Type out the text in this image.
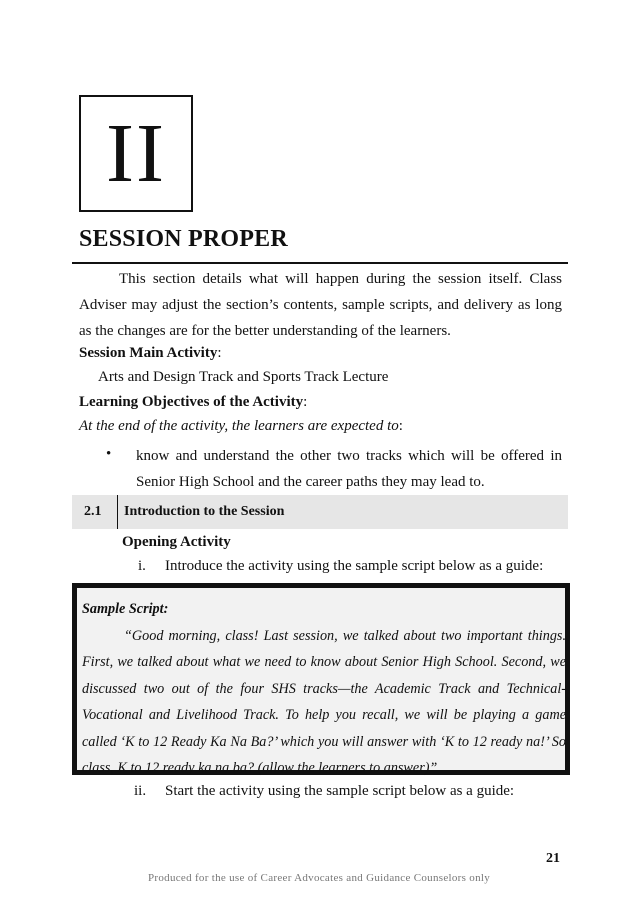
II
SESSION PROPER
This section details what will happen during the session itself. Class Adviser may adjust the section’s contents, sample scripts, and delivery as long as the changes are for the better understanding of the learners.
Session Main Activity:
Arts and Design Track and Sports Track Lecture
Learning Objectives of the Activity:
At the end of the activity, the learners are expected to:
• know and understand the other two tracks which will be offered in Senior High School and the career paths they may lead to.
2.1 Introduction to the Session
Opening Activity
i. Introduce the activity using the sample script below as a guide:
Sample Script:

“Good morning, class! Last session, we talked about two important things. First, we talked about what we need to know about Senior High School. Second, we discussed two out of the four SHS tracks—the Academic Track and Technical- Vocational and Livelihood Track. To help you recall, we will be playing a game called ‘K to 12 Ready Ka Na Ba?’ which you will answer with ‘K to 12 ready na!’ So class, K to 12 ready ka na ba? (allow the learners to answer)”

ii. Start the activity using the sample script below as a guide:
21
Produced for the use of Career Advocates and Guidance Counselors only
